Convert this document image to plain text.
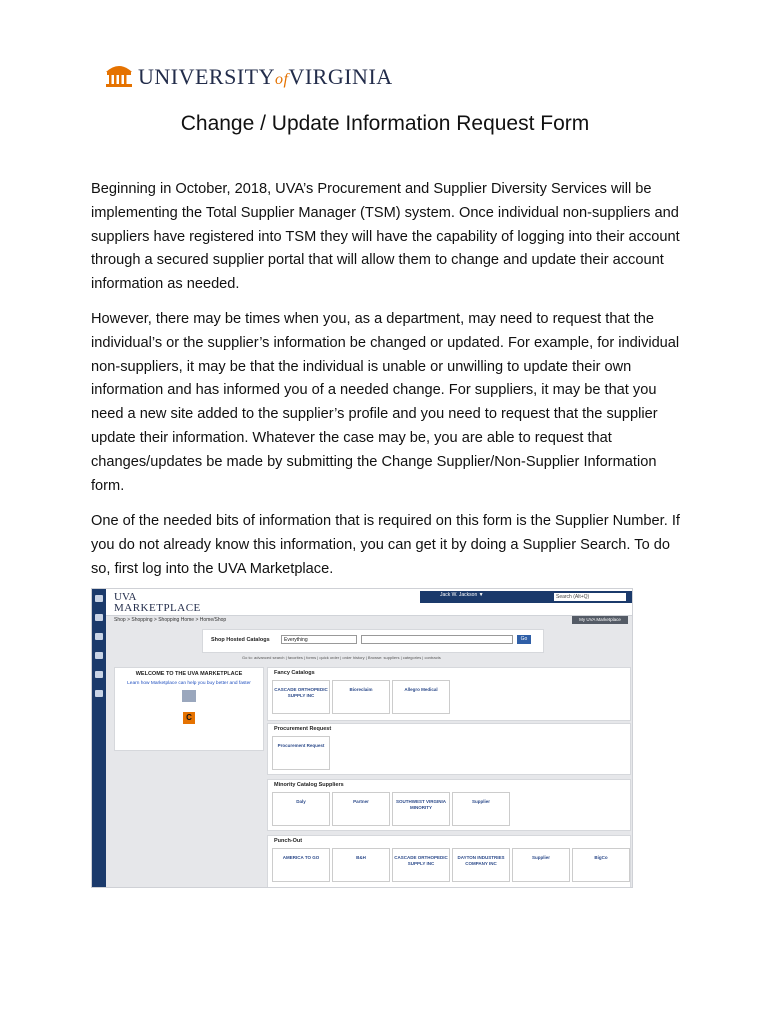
UNIVERSITYofVIRGINIA
Change / Update Information Request Form

Beginning in October, 2018, UVA’s Procurement and Supplier Diversity Services will be implementing the Total Supplier Manager (TSM) system. Once individual non-suppliers and suppliers have registered into TSM they will have the capability of logging into their account through a secured supplier portal that will allow them to change and update their account information as needed.

However, there may be times when you, as a department, may need to request that the individual’s or the supplier’s information be changed or updated. For example, for individual non-suppliers, it may be that the individual is unable or unwilling to update their own information and has informed you of a needed change. For suppliers, it may be that you need a new site added to the supplier’s profile and you need to request that the supplier update their information. Whatever the case may be, you are able to request that changes/updates be made by submitting the Change Supplier/Non-Supplier Information form.

One of the needed bits of information that is required on this form is the Supplier Number. If you do not already know this information, you can get it by doing a Supplier Search. To do so, first log into the UVA Marketplace.

UVA
MARKETPLACE
Jack W. Jackson ▼	Search (Alt+Q)
Shop > Shopping > Shopping Home > Home/Shop	My UVA Marketplace
Shop Hosted Catalogs	Everything	Go
Go to: advanced search | favorites | forms | quick order | order history | Browse: suppliers | categories | contracts
WELCOME TO THE UVA MARKETPLACE
Learn how Marketplace can help you buy better and faster
C
Fancy Catalogs
CASCADE ORTHOPEDIC SUPPLY INC
Bioreclaim	Allegro Medical
Procurement Request
Procurement Request
Minority Catalog Suppliers
Daly	Partner	SOUTHWEST VIRGINIA MINORITY
Supplier
Punch-Out
AMERICA TO GO	B&H	CASCADE ORTHOPEDIC SUPPLY INC
DAYTON INDUSTRIES COMPANY INC
Supplier	BigCo
